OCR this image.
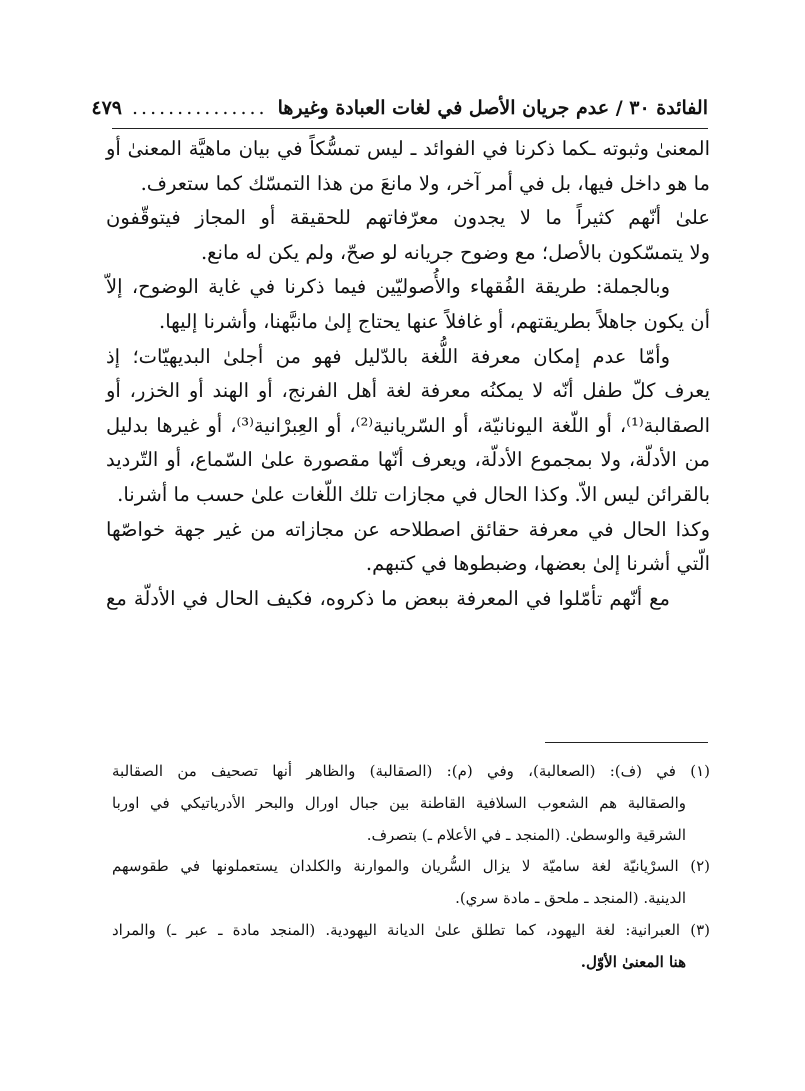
الفائدة ٣٠ / عدم جريان الأصل في لغات العبادة وغيرها
...............
٤٧٩
المعنىٰ وثبوته ـكما ذكرنا في الفوائد ـ ليس تمسُّكاً في بيان ماهيَّة المعنىٰ أو
ما هو داخل فيها، بل في أمر آخر، ولا مانعَ من هذا التمسّك كما ستعرف.
علىٰ أنّهم كثيراً ما لا يجدون معرّفاتهم للحقيقة أو المجاز فيتوقّفون
ولا يتمسّكون بالأصل؛ مع وضوح جريانه لو صحّ، ولم يكن له مانع.
وبالجملة: طريقة الفُقهاء والأُصوليّين فيما ذكرنا في غاية الوضوح، إلاّ
أن يكون جاهلاً بطريقتهم، أو غافلاً عنها يحتاج إلىٰ مانبَّهنا، وأشرنا إليها.
وأمّا عدم إمكان معرفة اللُّغة بالدّليل فهو من أجلىٰ البديهيّات؛ إذ
يعرف كلّ طفل أنّه لا يمكنُه معرفة لغة أهل الفرنج، أو الهند أو الخزر، أو
الصقالبة⁽¹⁾، أو اللّغة اليونانيّة، أو السّريانية⁽²⁾، أو العِبرْانية⁽³⁾، أو غيرها بدليل
من الأدلّة، ولا بمجموع الأدلّة، ويعرف أنّها مقصورة علىٰ السّماع، أو التّرديد
بالقرائن ليس الاّ. وكذا الحال في مجازات تلك اللّغات علىٰ حسب ما أشرنا.
وكذا الحال في معرفة حقائق اصطلاحه عن مجازاته من غير جهة خواصّها
الّتي أشرنا إلىٰ بعضها، وضبطوها في كتبهم.
مع أنّهم تأمّلوا في المعرفة ببعض ما ذكروه، فكيف الحال في الأدلّة مع
(١) في (ف): (الصعالبة)، وفي (م): (الصقالبة) والظاهر أنها تصحيف من الصقالبة
والصقالبة هم الشعوب السلافية القاطنة بين جبال اورال والبحر الأدرياتيكي في اوربا
الشرقية والوسطىٰ. (المنجد ـ في الأعلام ـ) بتصرف.
(٢) السرْيانيّة لغة ساميّة لا يزال السُّريان والموارنة والكلدان يستعملونها في طقوسهم
الدينية. (المنجد ـ ملحق ـ مادة سري).
(٣) العبرانية: لغة اليهود، كما تطلق علىٰ الديانة اليهودية. (المنجد مادة ـ عبر ـ) والمراد
هنا المعنىٰ الأوّل.
